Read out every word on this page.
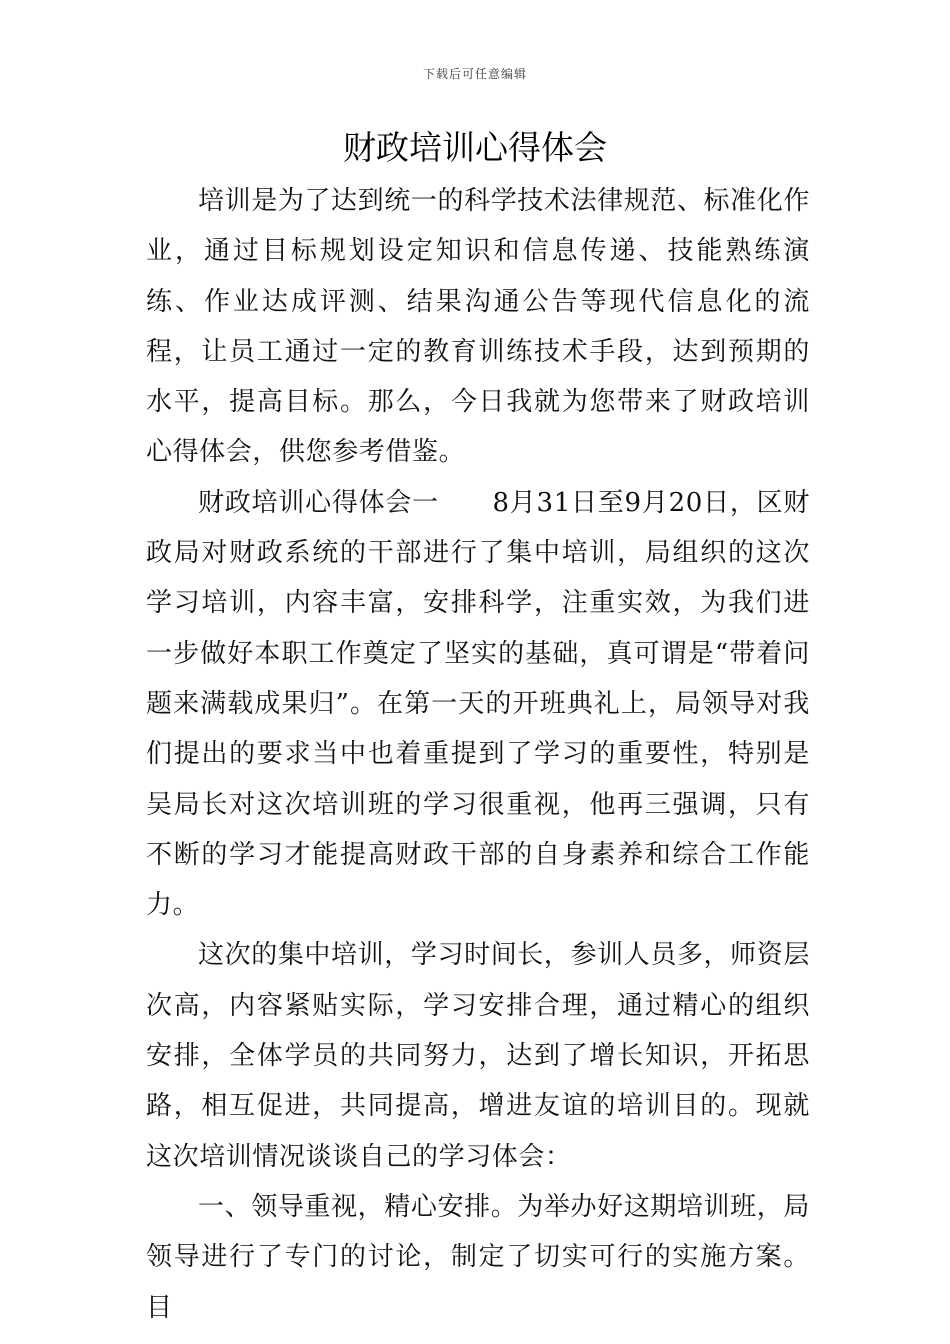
下载后可任意编辑
财政培训心得体会

培训是为了达到统一的科学技术法律规范、标准化作业，通过目标规划设定知识和信息传递、技能熟练演练、作业达成评测、结果沟通公告等现代信息化的流程，让员工通过一定的教育训练技术手段，达到预期的水平，提高目标。那么，今日我就为您带来了财政培训心得体会，供您参考借鉴。

财政培训心得体会一　　8月31日至9月20日，区财政局对财政系统的干部进行了集中培训，局组织的这次学习培训，内容丰富，安排科学，注重实效，为我们进一步做好本职工作奠定了坚实的基础，真可谓是“带着问题来满载成果归”。在第一天的开班典礼上，局领导对我们提出的要求当中也着重提到了学习的重要性，特别是吴局长对这次培训班的学习很重视，他再三强调，只有不断的学习才能提高财政干部的自身素养和综合工作能力。

这次的集中培训，学习时间长，参训人员多，师资层次高，内容紧贴实际，学习安排合理，通过精心的组织安排，全体学员的共同努力，达到了增长知识，开拓思路，相互促进，共同提高，增进友谊的培训目的。现就这次培训情况谈谈自己的学习体会：

一、领导重视，精心安排。为举办好这期培训班，局领导进行了专门的讨论，制定了切实可行的实施方案。目
